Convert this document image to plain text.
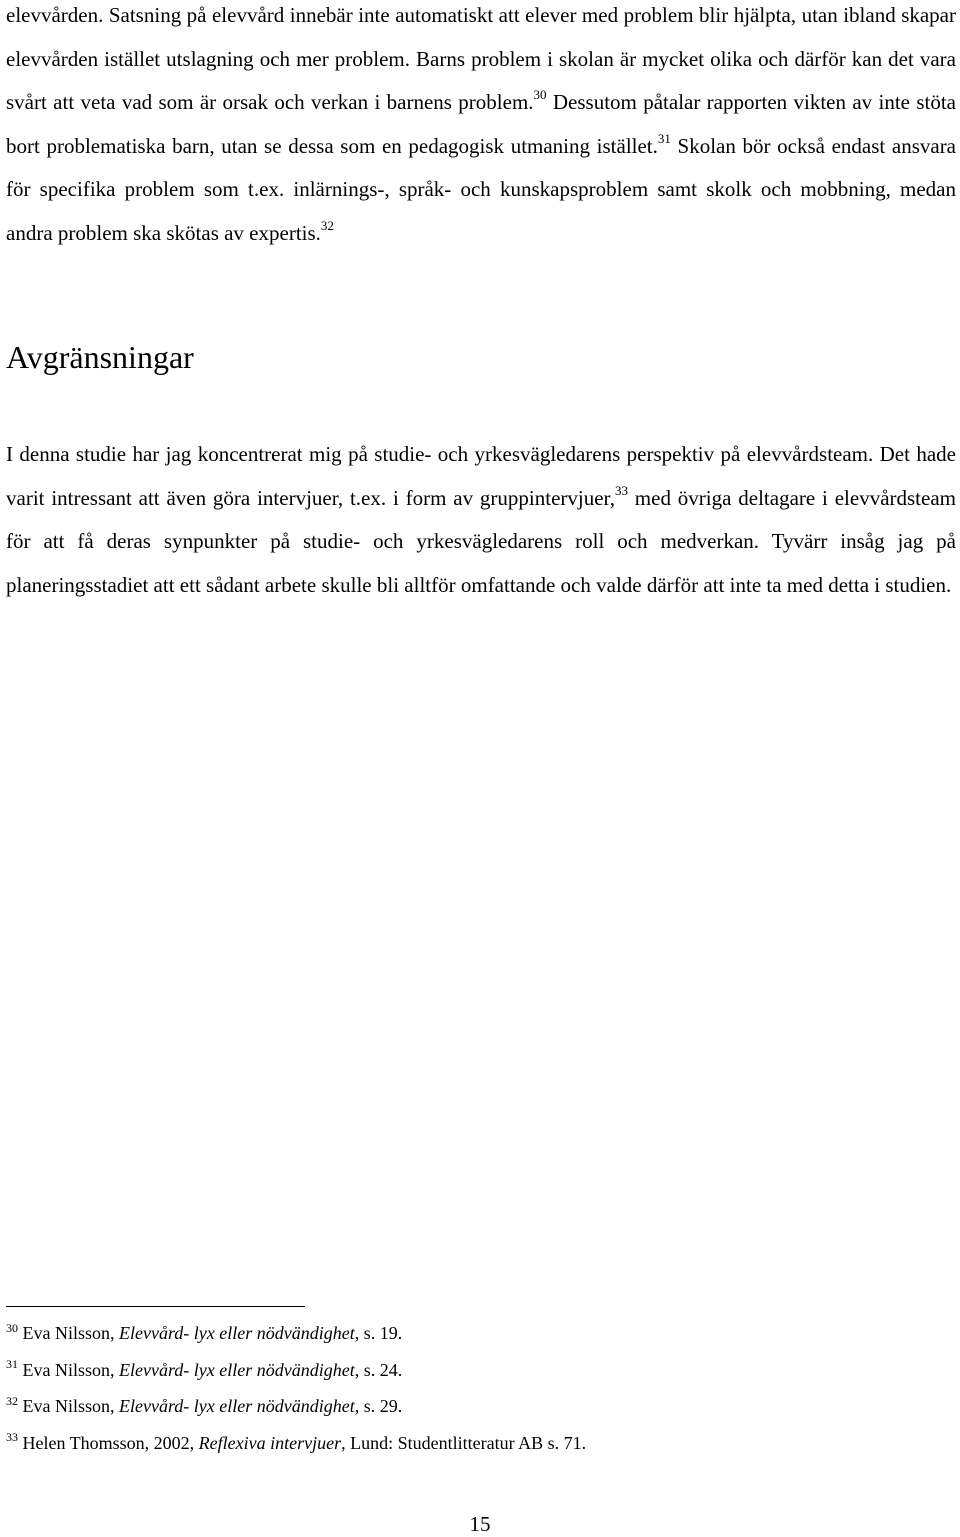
elevvården. Satsning på elevvård innebär inte automatiskt att elever med problem blir hjälpta, utan ibland skapar elevvården istället utslagning och mer problem. Barns problem i skolan är mycket olika och därför kan det vara svårt att veta vad som är orsak och verkan i barnens problem.$^{30}$ Dessutom påtalar rapporten vikten av inte stöta bort problematiska barn, utan se dessa som en pedagogisk utmaning istället.$^{31}$ Skolan bör också endast ansvara för specifika problem som t.ex. inlärnings-, språk- och kunskapsproblem samt skolk och mobbning, medan andra problem ska skötas av expertis.$^{32}$

Avgränsningar

I denna studie har jag koncentrerat mig på studie- och yrkesvägledarens perspektiv på elevvårdsteam. Det hade varit intressant att även göra intervjuer, t.ex. i form av gruppintervjuer,$^{33}$ med övriga deltagare i elevvårdsteam för att få deras synpunkter på studie- och yrkesvägledarens roll och medverkan. Tyvärr insåg jag på planeringsstadiet att ett sådant arbete skulle bli alltför omfattande och valde därför att inte ta med detta i studien.

$^{30}$ Eva Nilsson, Elevvård- lyx eller nödvändighet, s. 19.
$^{31}$ Eva Nilsson, Elevvård- lyx eller nödvändighet, s. 24.
$^{32}$ Eva Nilsson, Elevvård- lyx eller nödvändighet, s. 29.
$^{33}$ Helen Thomsson, 2002, Reflexiva intervjuer, Lund: Studentlitteratur AB s. 71.
15
